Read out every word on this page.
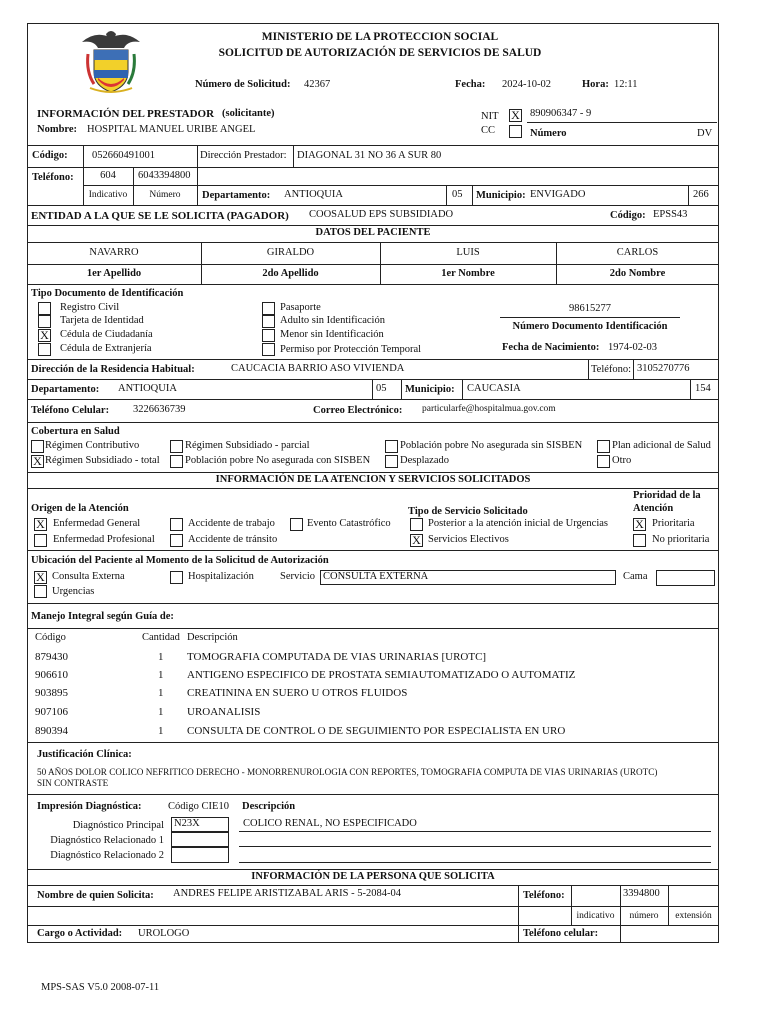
MINISTERIO DE LA PROTECCION SOCIAL
SOLICITUD DE AUTORIZACIÓN DE SERVICIOS DE SALUD
Número de Solicitud: 42367	Fecha: 2024-10-02	Hora: 12:11
INFORMACIÓN DEL PRESTADOR (solicitante)
Nombre: HOSPITAL MANUEL URIBE ANGEL
NIT X 890906347 - 9
CC	Número	DV
Código: 052660491001	Dirección Prestador: DIAGONAL 31 NO 36 A SUR 80
Teléfono:	604	6043394800
Indicativo	Número	Departamento: ANTIOQUIA	05 Municipio: ENVIGADO	266
ENTIDAD A LA QUE SE LE SOLICITA (PAGADOR) COOSALUD EPS SUBSIDIADO	Código: EPSS43
DATOS DEL PACIENTE
NAVARRO	GIRALDO	LUIS	CARLOS
1er Apellido	2do Apellido	1er Nombre	2do Nombre
Tipo Documento de Identificación
Registro Civil
Tarjeta de Identidad
X Cédula de Ciudadanía
Cédula de Extranjería
Pasaporte
Adulto sin Identificación
Menor sin Identificación
Permiso por Protección Temporal
98615277
Número Documento Identificación
Fecha de Nacimiento: 1974-02-03
Dirección de la Residencia Habitual:	CAUCACIA BARRIO ASO VIVIENDA	Teléfono: 3105270776
Departamento: ANTIOQUIA	05 Municipio: CAUCASIA	154
Teléfono Celular: 3226636739	Correo Electrónico: particularfe@hospitalmua.gov.com
Cobertura en Salud
Régimen Contributivo	Régimen Subsidiado - parcial	Población pobre No asegurada sin SISBEN	Plan adicional de Salud
X Régimen Subsidiado - total Población pobre No asegurada con SISBEN	Desplazado	Otro
INFORMACIÓN DE LA ATENCION Y SERVICIOS SOLICITADOS
Origen de la Atención
X Enfermedad General
Enfermedad Profesional
Accidente de trabajo
Accidente de tránsito
Evento Catastrófico
Tipo de Servicio Solicitado
Posterior a la atención inicial de Urgencias
X Servicios Electivos
Prioridad de la
Atención
X Prioritaria
No prioritaria
Ubicación del Paciente al Momento de la Solicitud de Autorización
X Consulta Externa
Urgencias
Hospitalización Servicio CONSULTA EXTERNA	Cama
Manejo Integral según Guía de:
Código	Cantidad Descripción
879430	1 TOMOGRAFIA COMPUTADA DE VIAS URINARIAS [UROTC]
906610	1 ANTIGENO ESPECIFICO DE PROSTATA SEMIAUTOMATIZADO O AUTOMATIZ
903895	1 CREATININA EN SUERO U OTROS FLUIDOS
907106	1 UROANALISIS
890394	1 CONSULTA DE CONTROL O DE SEGUIMIENTO POR ESPECIALISTA EN URO
Justificación Clínica:
50 AÑOS DOLOR COLICO NEFRITICO DERECHO - MONORRENUROLOGIA CON REPORTES, TOMOGRAFIA COMPUTA DE VIAS URINARIAS (UROTC)
SIN CONTRASTE
Impresión Diagnóstica:	Código CIE10 Descripción
Diagnóstico Principal N23X	COLICO RENAL, NO ESPECIFICADO
Diagnóstico Relacionado 1
Diagnóstico Relacionado 2
INFORMACIÓN DE LA PERSONA QUE SOLICITA
Nombre de quien Solicita: ANDRES FELIPE ARISTIZABAL ARIS - 5-2084-04	Teléfono:	3394800
indicativo	número	extensión
Cargo o Actividad: UROLOGO	Teléfono celular:
MPS-SAS V5.0 2008-07-11
